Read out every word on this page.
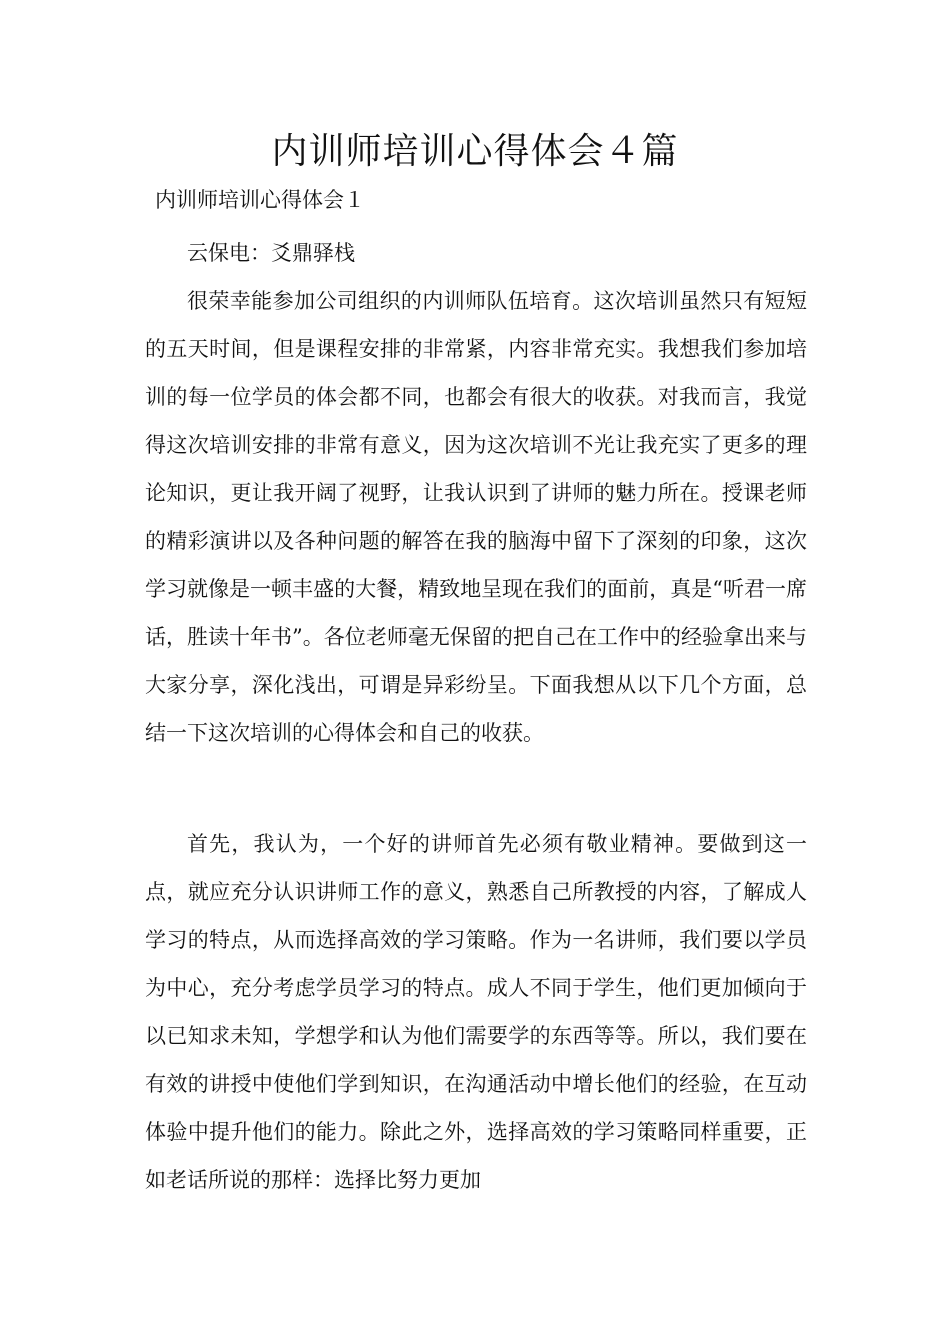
内训师培训心得体会４篇

内训师培训心得体会１

云保电：爻鼎驿栈

很荣幸能参加公司组织的内训师队伍培育。这次培训虽然只有短短的五天时间，但是课程安排的非常紧，内容非常充实。我想我们参加培训的每一位学员的体会都不同，也都会有很大的收获。对我而言，我觉得这次培训安排的非常有意义，因为这次培训不光让我充实了更多的理论知识，更让我开阔了视野，让我认识到了讲师的魅力所在。授课老师的精彩演讲以及各种问题的解答在我的脑海中留下了深刻的印象，这次学习就像是一顿丰盛的大餐，精致地呈现在我们的面前，真是“听君一席话，胜读十年书”。各位老师毫无保留的把自己在工作中的经验拿出来与大家分享，深化浅出，可谓是异彩纷呈。下面我想从以下几个方面，总结一下这次培训的心得体会和自己的收获。

首先，我认为，一个好的讲师首先必须有敬业精神。要做到这一点，就应充分认识讲师工作的意义，熟悉自己所教授的内容，了解成人学习的特点，从而选择高效的学习策略。作为一名讲师，我们要以学员为中心，充分考虑学员学习的特点。成人不同于学生，他们更加倾向于以已知求未知，学想学和认为他们需要学的东西等等。所以，我们要在有效的讲授中使他们学到知识，在沟通活动中增长他们的经验，在互动体验中提升他们的能力。除此之外，选择高效的学习策略同样重要，正如老话所说的那样：选择比努力更加
